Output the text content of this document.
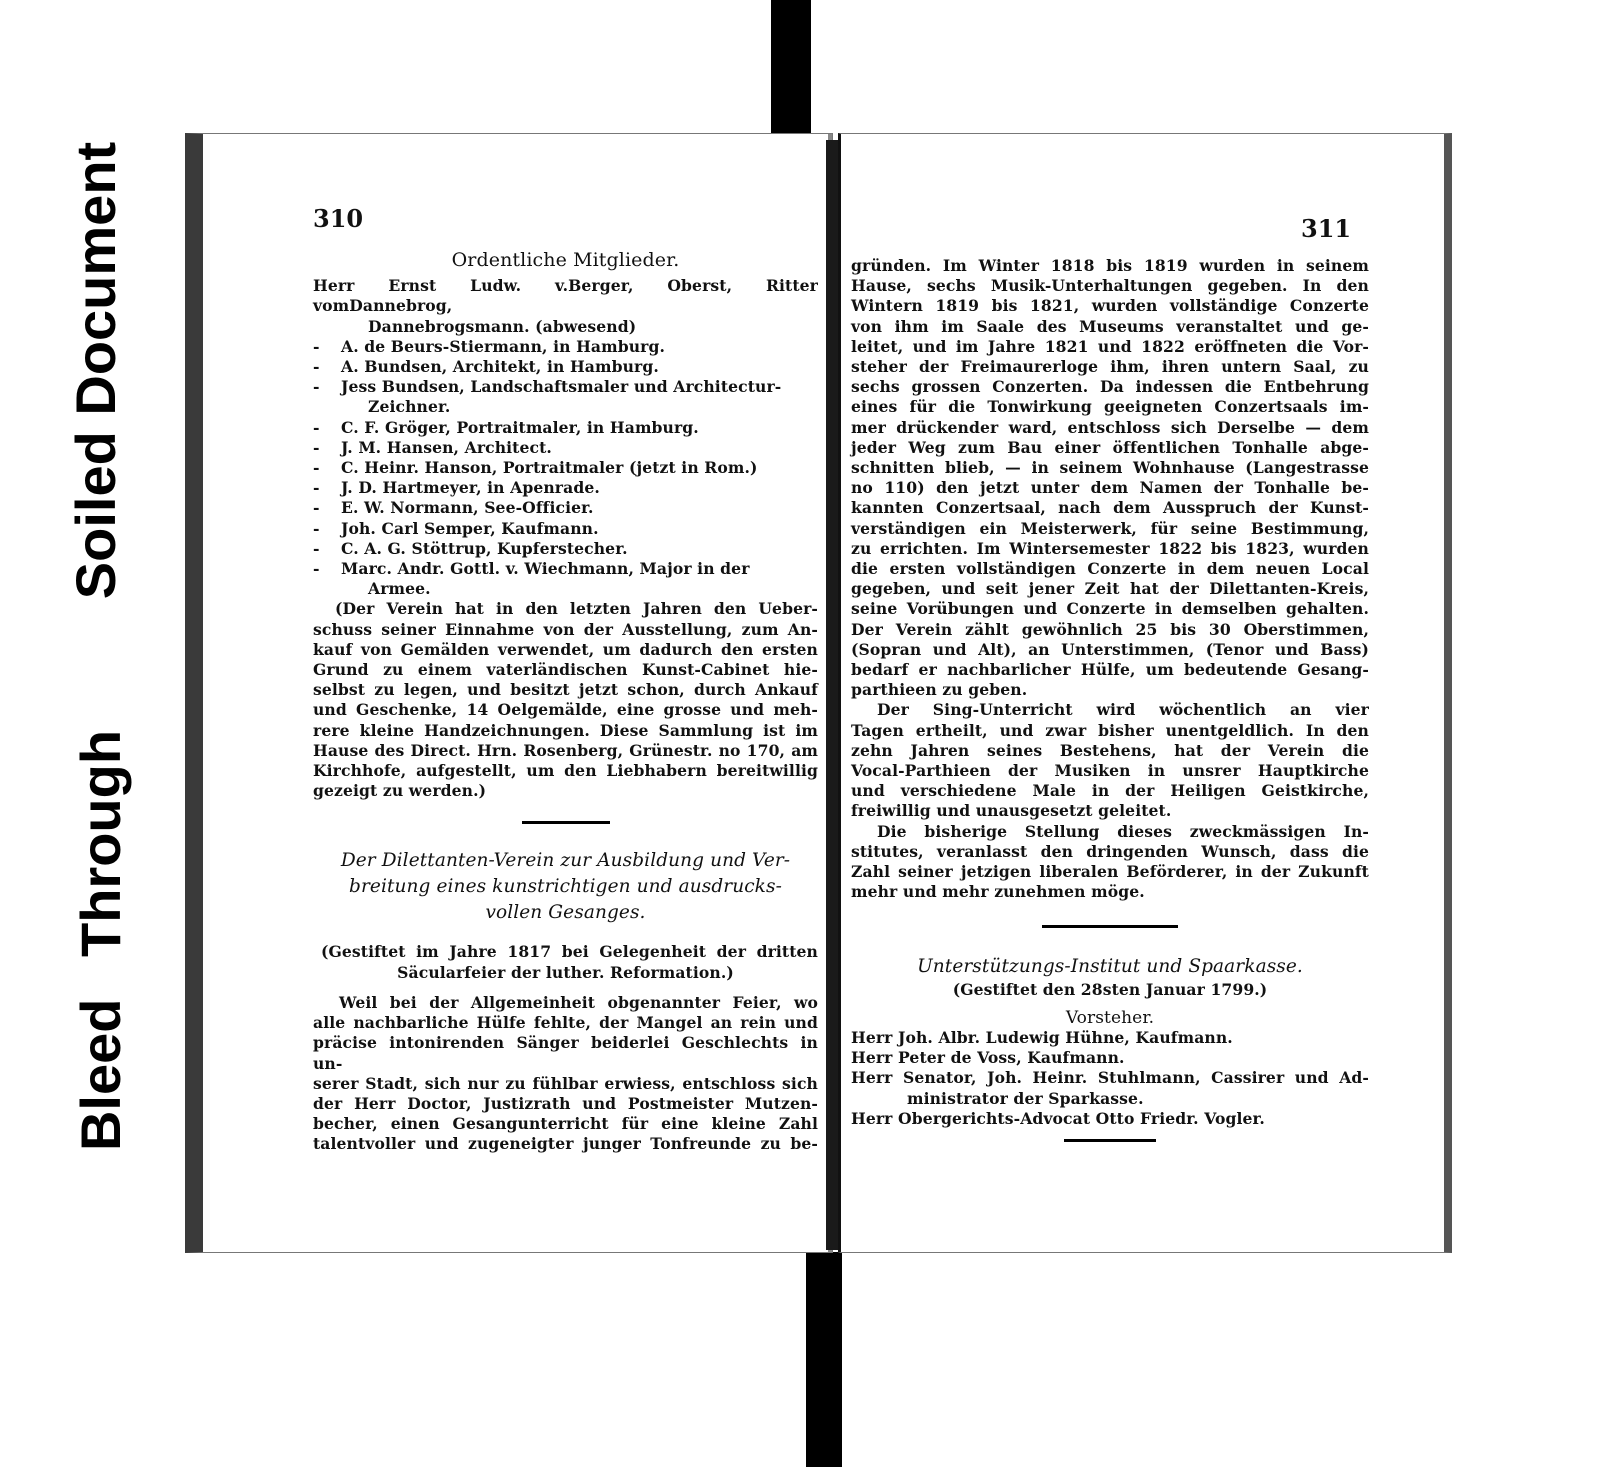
Soiled Document
Bleed Through
310
Ordentliche Mitglieder.
Herr Ernst Ludw. v.Berger, Oberst, Ritter vomDannebrog,
Dannebrogsmann. (abwesend)
-	A. de Beurs-Stiermann, in Hamburg.
-	A. Bundsen, Architekt, in Hamburg.
-	Jess Bundsen, Landschaftsmaler und Architectur-
Zeichner.
-	C. F. Gröger, Portraitmaler, in Hamburg.
-	J. M. Hansen, Architect.
-	C. Heinr. Hanson, Portraitmaler (jetzt in Rom.)
-	J. D. Hartmeyer, in Apenrade.
-	E. W. Normann, See-Officier.
-	Joh. Carl Semper, Kaufmann.
-	C. A. G. Stöttrup, Kupferstecher.
-	Marc. Andr. Gottl. v. Wiechmann, Major in der
Armee.
(Der Verein hat in den letzten Jahren den Ueber-
schuss seiner Einnahme von der Ausstellung, zum An-
kauf von Gemälden verwendet, um dadurch den ersten
Grund zu einem vaterländischen Kunst-Cabinet hie-
selbst zu legen, und besitzt jetzt schon, durch Ankauf
und Geschenke, 14 Oelgemälde, eine grosse und meh-
rere kleine Handzeichnungen. Diese Sammlung ist im
Hause des Direct. Hrn. Rosenberg, Grünestr. no 170, am
Kirchhofe, aufgestellt, um den Liebhabern bereitwillig
gezeigt zu werden.)
Der Dilettanten-Verein zur Ausbildung und Ver-
breitung eines kunstrichtigen und ausdrucks-
vollen Gesanges.
(Gestiftet im Jahre 1817 bei Gelegenheit der dritten
Säcularfeier der luther. Reformation.)
Weil bei der Allgemeinheit obgenannter Feier, wo
alle nachbarliche Hülfe fehlte, der Mangel an rein und
präcise intonirenden Sänger beiderlei Geschlechts in un-
serer Stadt, sich nur zu fühlbar erwiess, entschloss sich
der Herr Doctor, Justizrath und Postmeister Mutzen-
becher, einen Gesangunterricht für eine kleine Zahl
talentvoller und zugeneigter junger Tonfreunde zu be-
311
gründen. Im Winter 1818 bis 1819 wurden in seinem
Hause, sechs Musik-Unterhaltungen gegeben. In den
Wintern 1819 bis 1821, wurden vollständige Conzerte
von ihm im Saale des Museums veranstaltet und ge-
leitet, und im Jahre 1821 und 1822 eröffneten die Vor-
steher der Freimaurerloge ihm, ihren untern Saal, zu
sechs grossen Conzerten. Da indessen die Entbehrung
eines für die Tonwirkung geeigneten Conzertsaals im-
mer drückender ward, entschloss sich Derselbe — dem
jeder Weg zum Bau einer öffentlichen Tonhalle abge-
schnitten blieb, — in seinem Wohnhause (Langestrasse
no 110) den jetzt unter dem Namen der Tonhalle be-
kannten Conzertsaal, nach dem Ausspruch der Kunst-
verständigen ein Meisterwerk, für seine Bestimmung,
zu errichten. Im Wintersemester 1822 bis 1823, wurden
die ersten vollständigen Conzerte in dem neuen Local
gegeben, und seit jener Zeit hat der Dilettanten-Kreis,
seine Vorübungen und Conzerte in demselben gehalten.
Der Verein zählt gewöhnlich 25 bis 30 Oberstimmen,
(Sopran und Alt), an Unterstimmen, (Tenor und Bass)
bedarf er nachbarlicher Hülfe, um bedeutende Gesang-
parthieen zu geben.
Der Sing-Unterricht wird wöchentlich an vier
Tagen ertheilt, und zwar bisher unentgeldlich. In den
zehn Jahren seines Bestehens, hat der Verein die
Vocal-Parthieen der Musiken in unsrer Hauptkirche
und verschiedene Male in der Heiligen Geistkirche,
freiwillig und unausgesetzt geleitet.
Die bisherige Stellung dieses zweckmässigen In-
stitutes, veranlasst den dringenden Wunsch, dass die
Zahl seiner jetzigen liberalen Beförderer, in der Zukunft
mehr und mehr zunehmen möge.
Unterstützungs-Institut und Spaarkasse.
(Gestiftet den 28sten Januar 1799.)
Vorsteher.
Herr Joh. Albr. Ludewig Hühne, Kaufmann.
Herr Peter de Voss, Kaufmann.
Herr Senator, Joh. Heinr. Stuhlmann, Cassirer und Ad-
ministrator der Sparkasse.
Herr Obergerichts-Advocat Otto Friedr. Vogler.
